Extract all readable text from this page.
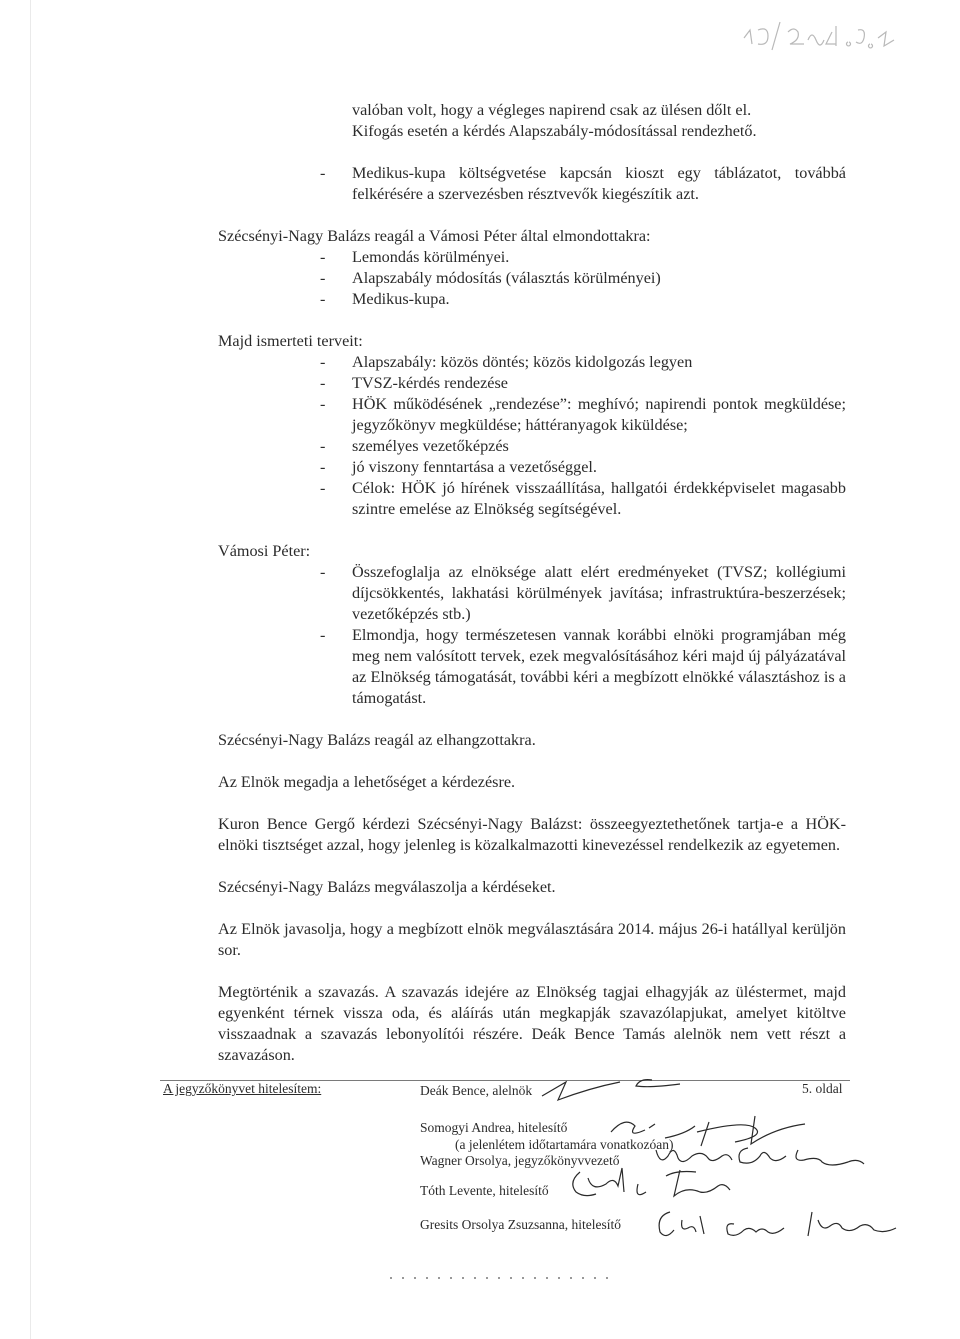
valóban volt, hogy a végleges napirend csak az ülésen dőlt el.

Kifogás esetén a kérdés Alapszabály-módosítással rendezhető.

- Medikus-kupa költségvetése kapcsán kioszt egy táblázatot, továbbá felkérésére a szervezésben résztvevők kiegészítik azt.

Szécsényi-Nagy Balázs reagál a Vámosi Péter által elmondottakra:

- Lemondás körülményei.
- Alapszabály módosítás (választás körülményei)
- Medikus-kupa.

Majd ismerteti terveit:

- Alapszabály: közös döntés; közös kidolgozás legyen
- TVSZ-kérdés rendezése
- HÖK működésének „rendezése”: meghívó; napirendi pontok megküldése; jegyzőkönyv megküldése; háttéranyagok kiküldése;
- személyes vezetőképzés
- jó viszony fenntartása a vezetőséggel.
- Célok: HÖK jó hírének visszaállítása, hallgatói érdekképviselet magasabb szintre emelése az Elnökség segítségével.
Vámosi Péter:
- Összefoglalja az elnöksége alatt elért eredményeket (TVSZ; kollégiumi díjcsökkentés, lakhatási körülmények javítása; infrastruktúra-beszerzések; vezetőképzés stb.)
- Elmondja, hogy természetesen vannak korábbi elnöki programjában még meg nem valósított tervek, ezek megvalósításához kéri majd új pályázatával az Elnökség támogatását, további kéri a megbízott elnökké választáshoz is a támogatást.

Szécsényi-Nagy Balázs reagál az elhangzottakra.

Az Elnök megadja a lehetőséget a kérdezésre.

Kuron Bence Gergő kérdezi Szécsényi-Nagy Balázst: összeegyeztethetőnek tartja-e a HÖK-elnöki tisztséget azzal, hogy jelenleg is közalkalmazotti kinevezéssel rendelkezik az egyetemen.

Szécsényi-Nagy Balázs megválaszolja a kérdéseket.

Az Elnök javasolja, hogy a megbízott elnök megválasztására 2014. május 26-i hatállyal kerüljön sor.

Megtörténik a szavazás. A szavazás idejére az Elnökség tagjai elhagyják az üléstermet, majd egyenként térnek vissza oda, és aláírás után megkapják szavazólapjukat, amelyet kitöltve visszaadnak a szavazás lebonyolítói részére. Deák Bence Tamás alelnök nem vett részt a szavazáson.

A jegyzőkönyvet hitelesítem:	5. oldal
Deák Bence, alelnök
Somogyi Andrea, hitelesítő
(a jelenlétem időtartamára vonatkozóan)
Wagner Orsolya, jegyzőkönyvvezető
Tóth Levente, hitelesítő
Gresits Orsolya Zsuzsanna, hitelesítő
